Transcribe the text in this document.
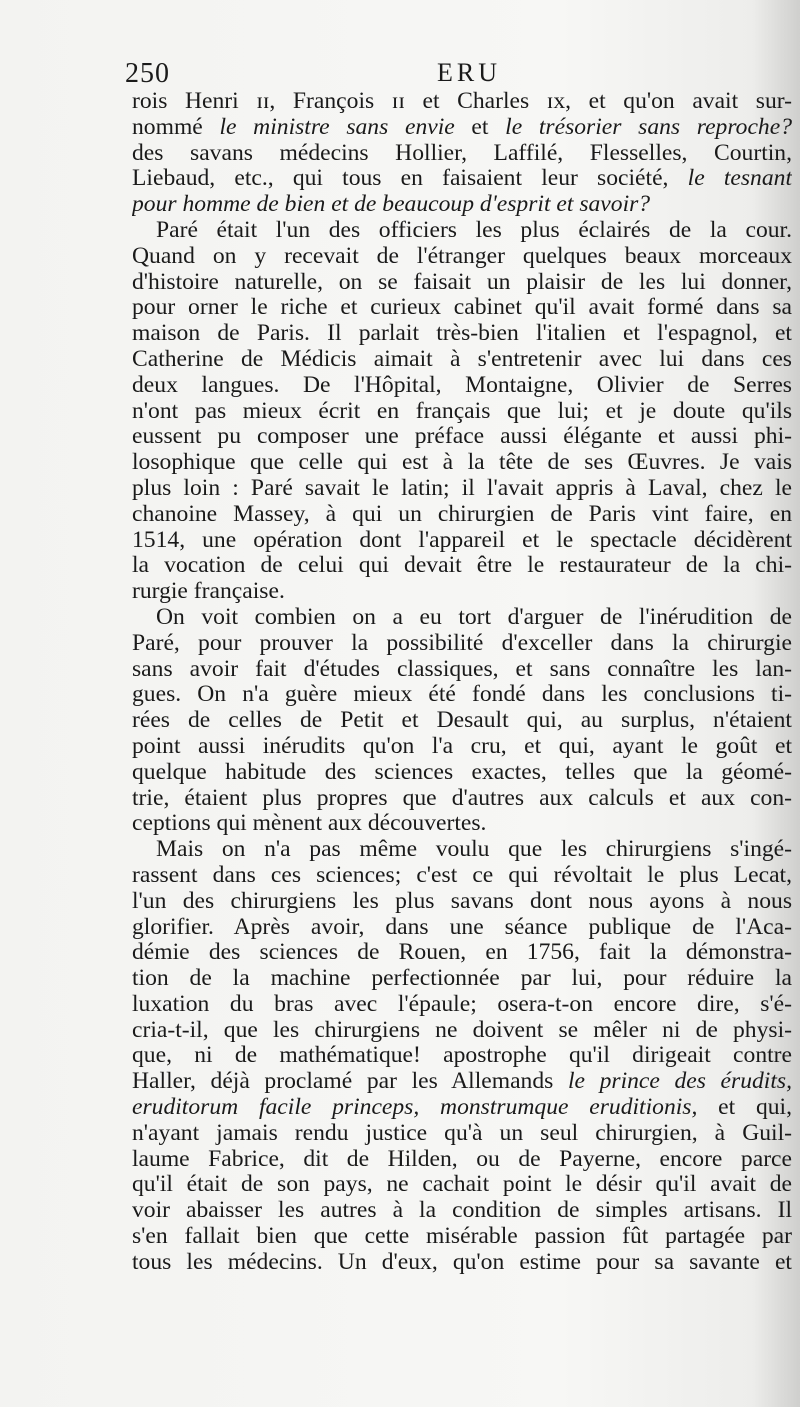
250	ERU
rois Henri ɪɪ, François ɪɪ et Charles ɪx, et qu'on avait sur-
nommé le ministre sans envie et le trésorier sans reproche?
des savans médecins Hollier, Laffilé, Flesselles, Courtin,
Liebaud, etc., qui tous en faisaient leur société, le tesnant
pour homme de bien et de beaucoup d'esprit et savoir?
Paré était l'un des officiers les plus éclairés de la cour.
Quand on y recevait de l'étranger quelques beaux morceaux
d'histoire naturelle, on se faisait un plaisir de les lui donner,
pour orner le riche et curieux cabinet qu'il avait formé dans sa
maison de Paris. Il parlait très-bien l'italien et l'espagnol, et
Catherine de Médicis aimait à s'entretenir avec lui dans ces
deux langues. De l'Hôpital, Montaigne, Olivier de Serres
n'ont pas mieux écrit en français que lui; et je doute qu'ils
eussent pu composer une préface aussi élégante et aussi phi-
losophique que celle qui est à la tête de ses Œuvres. Je vais
plus loin : Paré savait le latin; il l'avait appris à Laval, chez le
chanoine Massey, à qui un chirurgien de Paris vint faire, en
1514, une opération dont l'appareil et le spectacle décidèrent
la vocation de celui qui devait être le restaurateur de la chi-
rurgie française.
On voit combien on a eu tort d'arguer de l'inérudition de
Paré, pour prouver la possibilité d'exceller dans la chirurgie
sans avoir fait d'études classiques, et sans connaître les lan-
gues. On n'a guère mieux été fondé dans les conclusions ti-
rées de celles de Petit et Desault qui, au surplus, n'étaient
point aussi inérudits qu'on l'a cru, et qui, ayant le goût et
quelque habitude des sciences exactes, telles que la géomé-
trie, étaient plus propres que d'autres aux calculs et aux con-
ceptions qui mènent aux découvertes.
Mais on n'a pas même voulu que les chirurgiens s'ingé-
rassent dans ces sciences; c'est ce qui révoltait le plus Lecat,
l'un des chirurgiens les plus savans dont nous ayons à nous
glorifier. Après avoir, dans une séance publique de l'Aca-
démie des sciences de Rouen, en 1756, fait la démonstra-
tion de la machine perfectionnée par lui, pour réduire la
luxation du bras avec l'épaule; osera-t-on encore dire, s'é-
cria-t-il, que les chirurgiens ne doivent se mêler ni de physi-
que, ni de mathématique! apostrophe qu'il dirigeait contre
Haller, déjà proclamé par les Allemands le prince des érudits,
eruditorum facile princeps, monstrumque eruditionis, et qui,
n'ayant jamais rendu justice qu'à un seul chirurgien, à Guil-
laume Fabrice, dit de Hilden, ou de Payerne, encore parce
qu'il était de son pays, ne cachait point le désir qu'il avait de
voir abaisser les autres à la condition de simples artisans. Il
s'en fallait bien que cette misérable passion fût partagée par
tous les médecins. Un d'eux, qu'on estime pour sa savante et
